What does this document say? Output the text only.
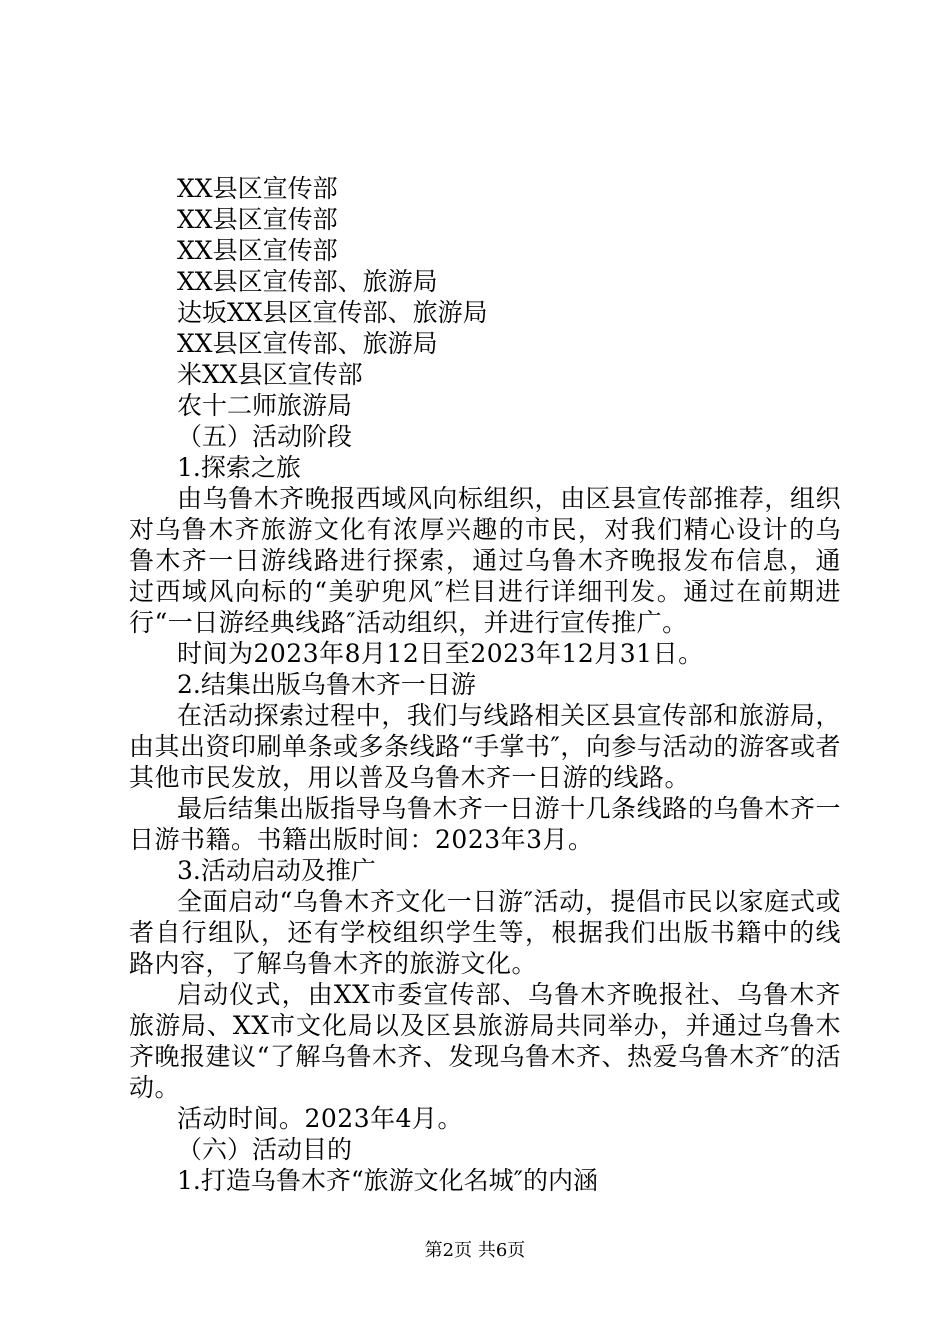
XX县区宣传部
XX县区宣传部
XX县区宣传部
XX县区宣传部、旅游局
达坂XX县区宣传部、旅游局
XX县区宣传部、旅游局
米XX县区宣传部
农十二师旅游局
（五）活动阶段
1.探索之旅
由乌鲁木齐晚报西域风向标组织，由区县宣传部推荐，组织对乌鲁木齐旅游文化有浓厚兴趣的市民，对我们精心设计的乌鲁木齐一日游线路进行探索，通过乌鲁木齐晚报发布信息，通过西域风向标的“美驴兜风″栏目进行详细刊发。通过在前期进行“一日游经典线路″活动组织，并进行宣传推广。
时间为2023年8月12日至2023年12月31日。
2.结集出版乌鲁木齐一日游
在活动探索过程中，我们与线路相关区县宣传部和旅游局，由其出资印刷单条或多条线路“手掌书″，向参与活动的游客或者其他市民发放，用以普及乌鲁木齐一日游的线路。
最后结集出版指导乌鲁木齐一日游十几条线路的乌鲁木齐一日游书籍。书籍出版时间：2023年3月。
3.活动启动及推广
全面启动“乌鲁木齐文化一日游″活动，提倡市民以家庭式或者自行组队，还有学校组织学生等，根据我们出版书籍中的线路内容，了解乌鲁木齐的旅游文化。
启动仪式，由XX市委宣传部、乌鲁木齐晚报社、乌鲁木齐旅游局、XX市文化局以及区县旅游局共同举办，并通过乌鲁木齐晚报建议“了解乌鲁木齐、发现乌鲁木齐、热爱乌鲁木齐″的活动。
活动时间。2023年4月。
（六）活动目的
1.打造乌鲁木齐“旅游文化名城″的内涵
第2页 共6页
